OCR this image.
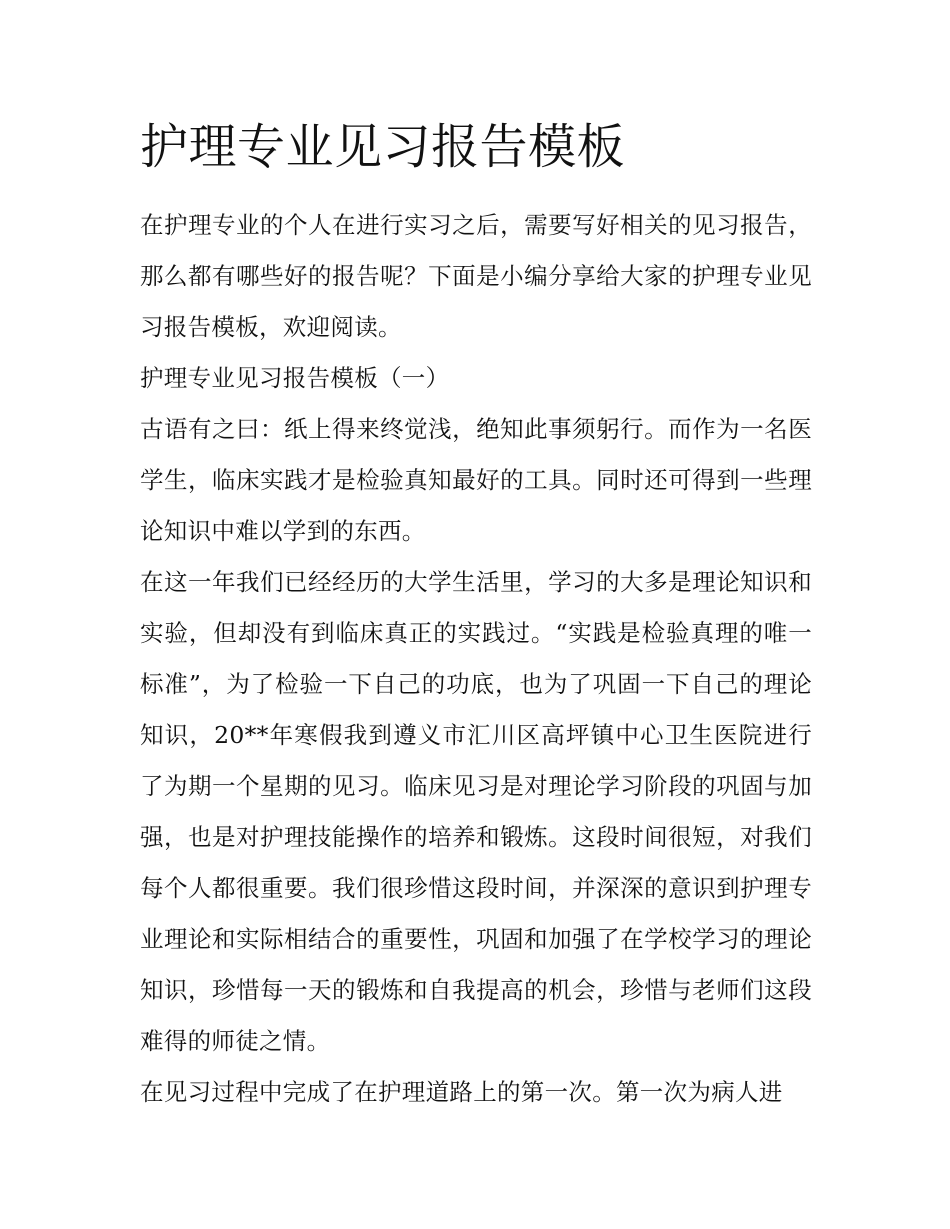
护理专业见习报告模板

在护理专业的个人在进行实习之后，需要写好相关的见习报告，那么都有哪些好的报告呢？下面是小编分享给大家的护理专业见习报告模板，欢迎阅读。

护理专业见习报告模板（一）

古语有之曰：纸上得来终觉浅，绝知此事须躬行。而作为一名医学生，临床实践才是检验真知最好的工具。同时还可得到一些理论知识中难以学到的东西。

在这一年我们已经经历的大学生活里，学习的大多是理论知识和实验，但却没有到临床真正的实践过。“实践是检验真理的唯一标准”，为了检验一下自己的功底，也为了巩固一下自己的理论知识，20**年寒假我到遵义市汇川区高坪镇中心卫生医院进行了为期一个星期的见习。临床见习是对理论学习阶段的巩固与加强，也是对护理技能操作的培养和锻炼。这段时间很短，对我们每个人都很重要。我们很珍惜这段时间，并深深的意识到护理专业理论和实际相结合的重要性，巩固和加强了在学校学习的理论知识，珍惜每一天的锻炼和自我提高的机会，珍惜与老师们这段难得的师徒之情。

在见习过程中完成了在护理道路上的第一次。第一次为病人进
